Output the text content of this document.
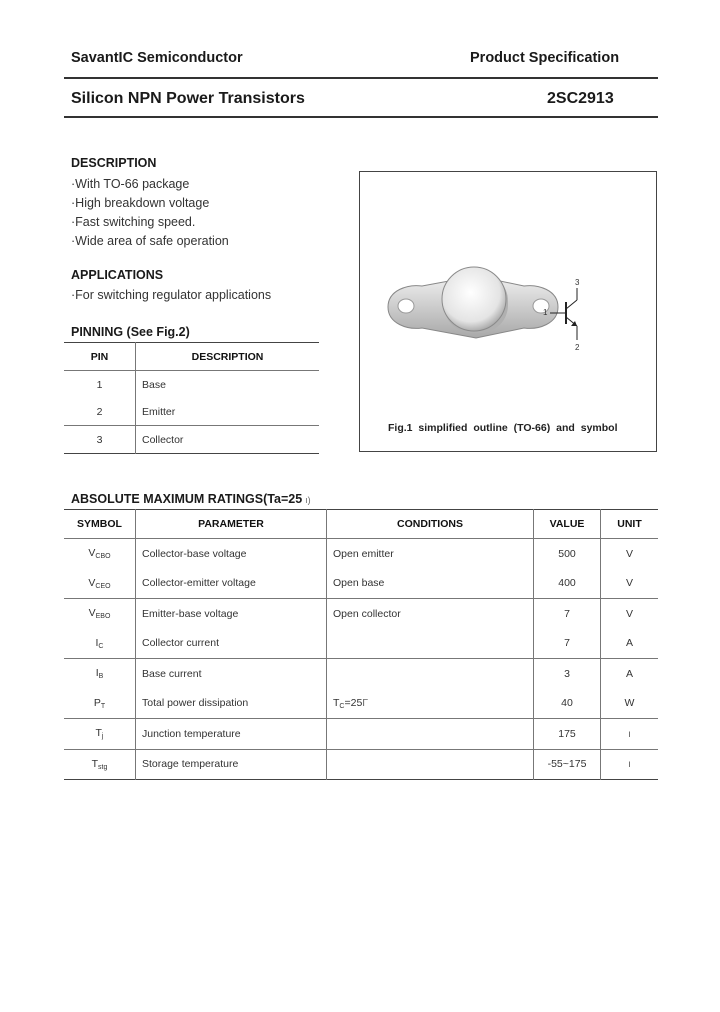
SavantIC Semiconductor	Product Specification
Silicon NPN Power Transistors	2SC2913
DESCRIPTION
·With TO-66 package
·High breakdown voltage
·Fast switching speed.
·Wide area of safe operation
APPLICATIONS
·For switching regulator applications
PINNING (See Fig.2)
PIN	DESCRIPTION
1	Base
2	Emitter
3	Collector
1
2
3
Fig.1 simplified outline (TO-66) and symbol
ABSOLUTE MAXIMUM RATINGS(Ta=25 ı)
SYMBOL	PARAMETER	CONDITIONS	VALUE	UNIT
$V_{CBO}$	Collector-base voltage	Open emitter	500	V
$V_{CEO}$	Collector-emitter voltage	Open base	400	V
$V_{EBO}$	Emitter-base voltage	Open collector	7	V
$I_C$	Collector current		7	A
$I_B$	Base current		3	A
$P_T$	Total power dissipation	$T_C=25Г$	40	W
$T_j$	Junction temperature		175	ı
$T_{stg}$	Storage temperature		-55~175	ı
